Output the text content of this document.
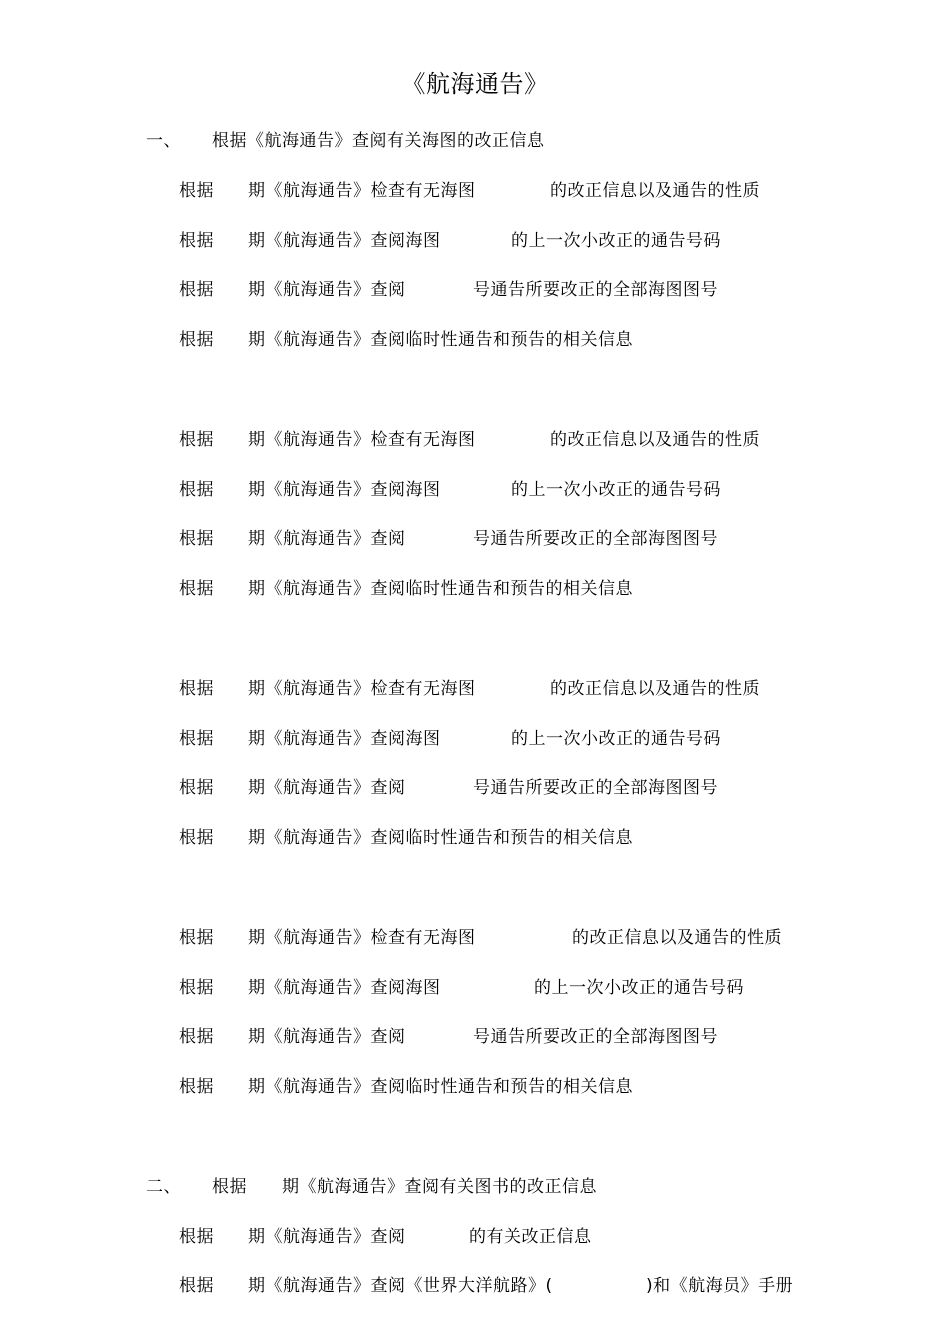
《航海通告》
一、 根据《航海通告》查阅有关海图的改正信息
根据 期《航海通告》检查有无海图	的改正信息以及通告的性质
根据 期《航海通告》查阅海图	的上一次小改正的通告号码
根据 期《航海通告》查阅	号通告所要改正的全部海图图号
根据 期《航海通告》查阅临时性通告和预告的相关信息
根据 期《航海通告》检查有无海图	的改正信息以及通告的性质
根据 期《航海通告》查阅海图	的上一次小改正的通告号码
根据 期《航海通告》查阅	号通告所要改正的全部海图图号
根据 期《航海通告》查阅临时性通告和预告的相关信息
根据 期《航海通告》检查有无海图	的改正信息以及通告的性质
根据 期《航海通告》查阅海图	的上一次小改正的通告号码
根据 期《航海通告》查阅	号通告所要改正的全部海图图号
根据 期《航海通告》查阅临时性通告和预告的相关信息
根据 期《航海通告》检查有无海图	的改正信息以及通告的性质
根据 期《航海通告》查阅海图	的上一次小改正的通告号码
根据 期《航海通告》查阅	号通告所要改正的全部海图图号
根据 期《航海通告》查阅临时性通告和预告的相关信息
二、 根据 期《航海通告》查阅有关图书的改正信息
根据 期《航海通告》查阅	的有关改正信息
根据 期《航海通告》查阅《世界大洋航路》(	)和《航海员》手册
